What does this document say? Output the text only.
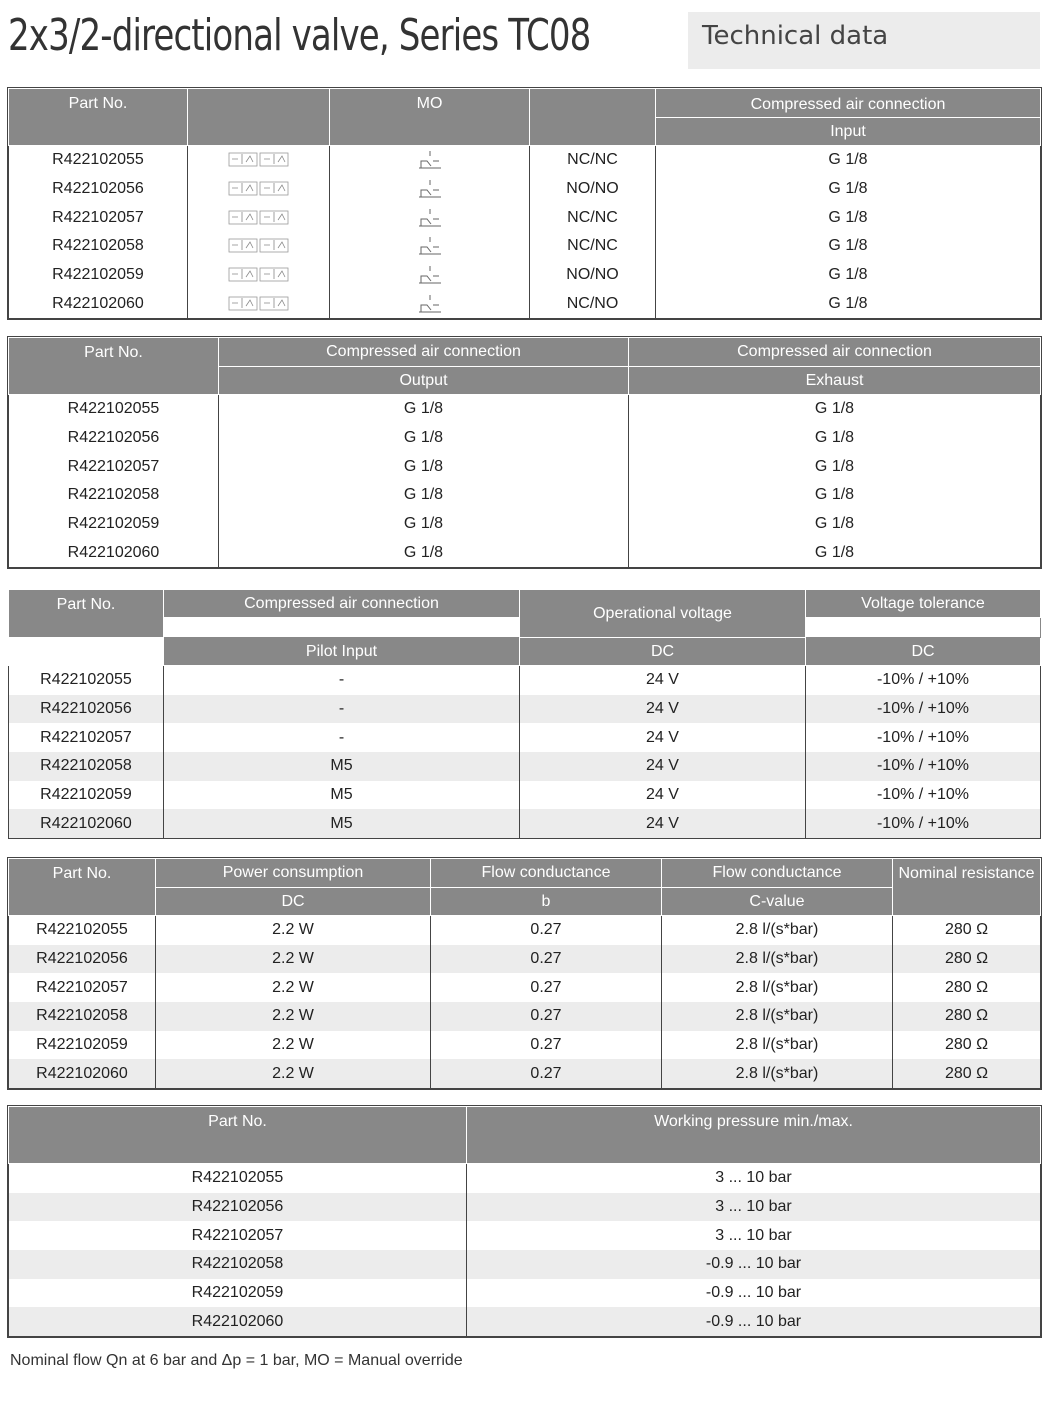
2x3/2-directional valve, Series TC08	Technical data
Part No.		MO		Compressed air connection
				Input
R422102055			NC/NC	G 1/8
R422102056			NO/NO	G 1/8
R422102057			NC/NC	G 1/8
R422102058			NC/NC	G 1/8
R422102059			NO/NO	G 1/8
R422102060			NC/NO	G 1/8
Part No.	Compressed air connection	Compressed air connection
	Output	Exhaust
R422102055	G 1/8	G 1/8
R422102056	G 1/8	G 1/8
R422102057	G 1/8	G 1/8
R422102058	G 1/8	G 1/8
R422102059	G 1/8	G 1/8
R422102060	G 1/8	G 1/8
Part No.	Compressed air connection	Operational voltage	Voltage tolerance

	Pilot Input	DC	DC
R422102055	-	24 V	-10% / +10%
R422102056	-	24 V	-10% / +10%
R422102057	-	24 V	-10% / +10%
R422102058	M5	24 V	-10% / +10%
R422102059	M5	24 V	-10% / +10%
R422102060	M5	24 V	-10% / +10%
Part No.	Power consumption	Flow conductance	Flow conductance	Nominal resistance
	DC	b	C-value	
R422102055	2.2 W	0.27	2.8 l/(s*bar)	280 Ω
R422102056	2.2 W	0.27	2.8 l/(s*bar)	280 Ω
R422102057	2.2 W	0.27	2.8 l/(s*bar)	280 Ω
R422102058	2.2 W	0.27	2.8 l/(s*bar)	280 Ω
R422102059	2.2 W	0.27	2.8 l/(s*bar)	280 Ω
R422102060	2.2 W	0.27	2.8 l/(s*bar)	280 Ω
Part No.	Working pressure min./max.
R422102055	3 ... 10 bar
R422102056	3 ... 10 bar
R422102057	3 ... 10 bar
R422102058	-0.9 ... 10 bar
R422102059	-0.9 ... 10 bar
R422102060	-0.9 ... 10 bar
Nominal flow Qn at 6 bar and Δp = 1 bar, MO = Manual override
